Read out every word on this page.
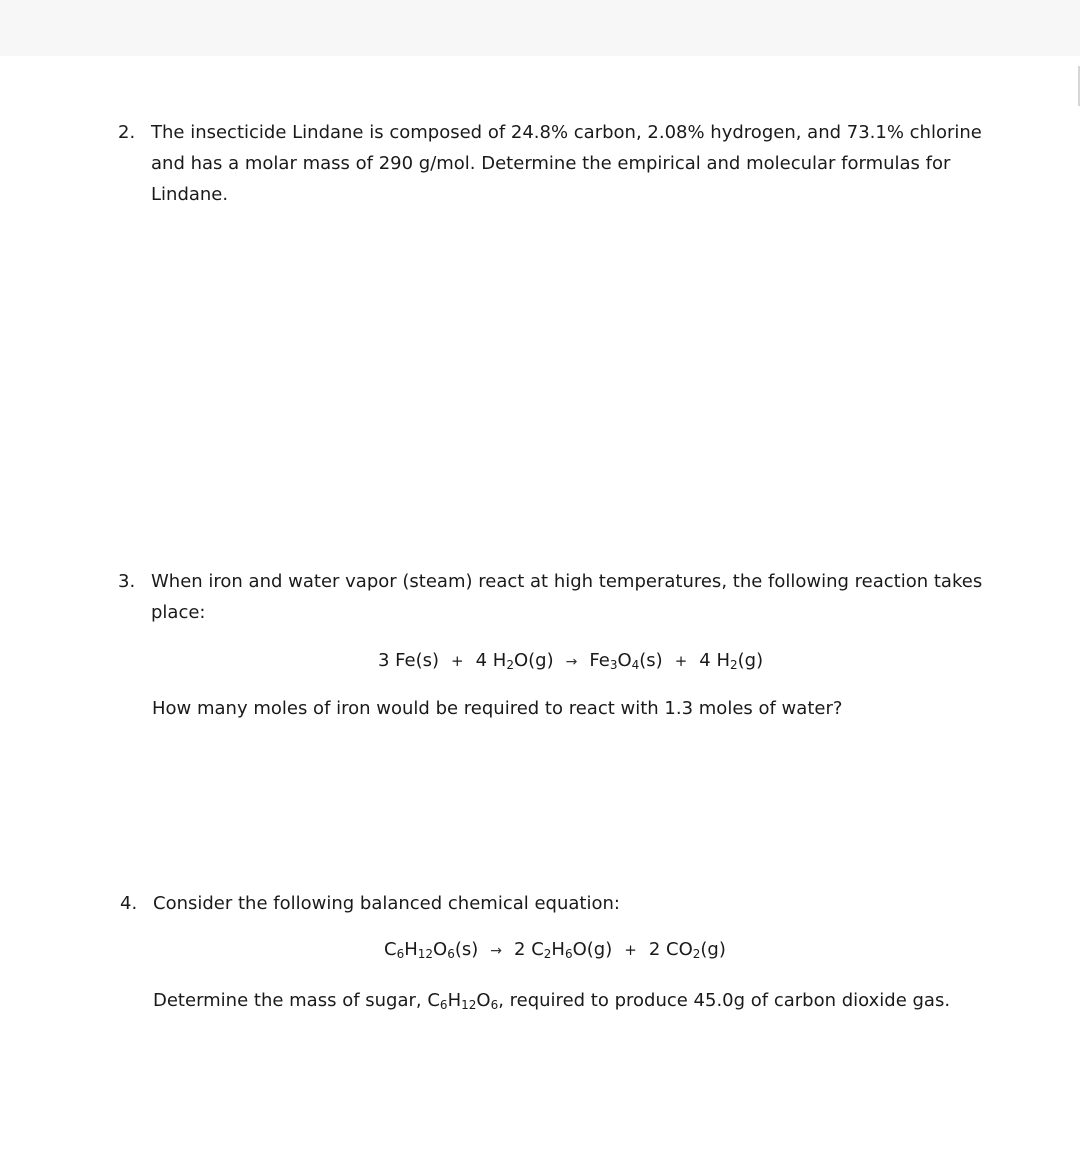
2. The insecticide Lindane is composed of 24.8% carbon, 2.08% hydrogen, and 73.1% chlorine
and has a molar mass of 290 g/mol. Determine the empirical and molecular formulas for
Lindane.
3. When iron and water vapor (steam) react at high temperatures, the following reaction takes
place:
3 Fe(s) + 4 H2O(g) → Fe3O4(s) + 4 H2(g)
How many moles of iron would be required to react with 1.3 moles of water?
4. Consider the following balanced chemical equation:
C6H12O6(s) → 2 C2H6O(g) + 2 CO2(g)
Determine the mass of sugar, $C_6H_{12}O_6$, required to produce 45.0g of carbon dioxide gas.
